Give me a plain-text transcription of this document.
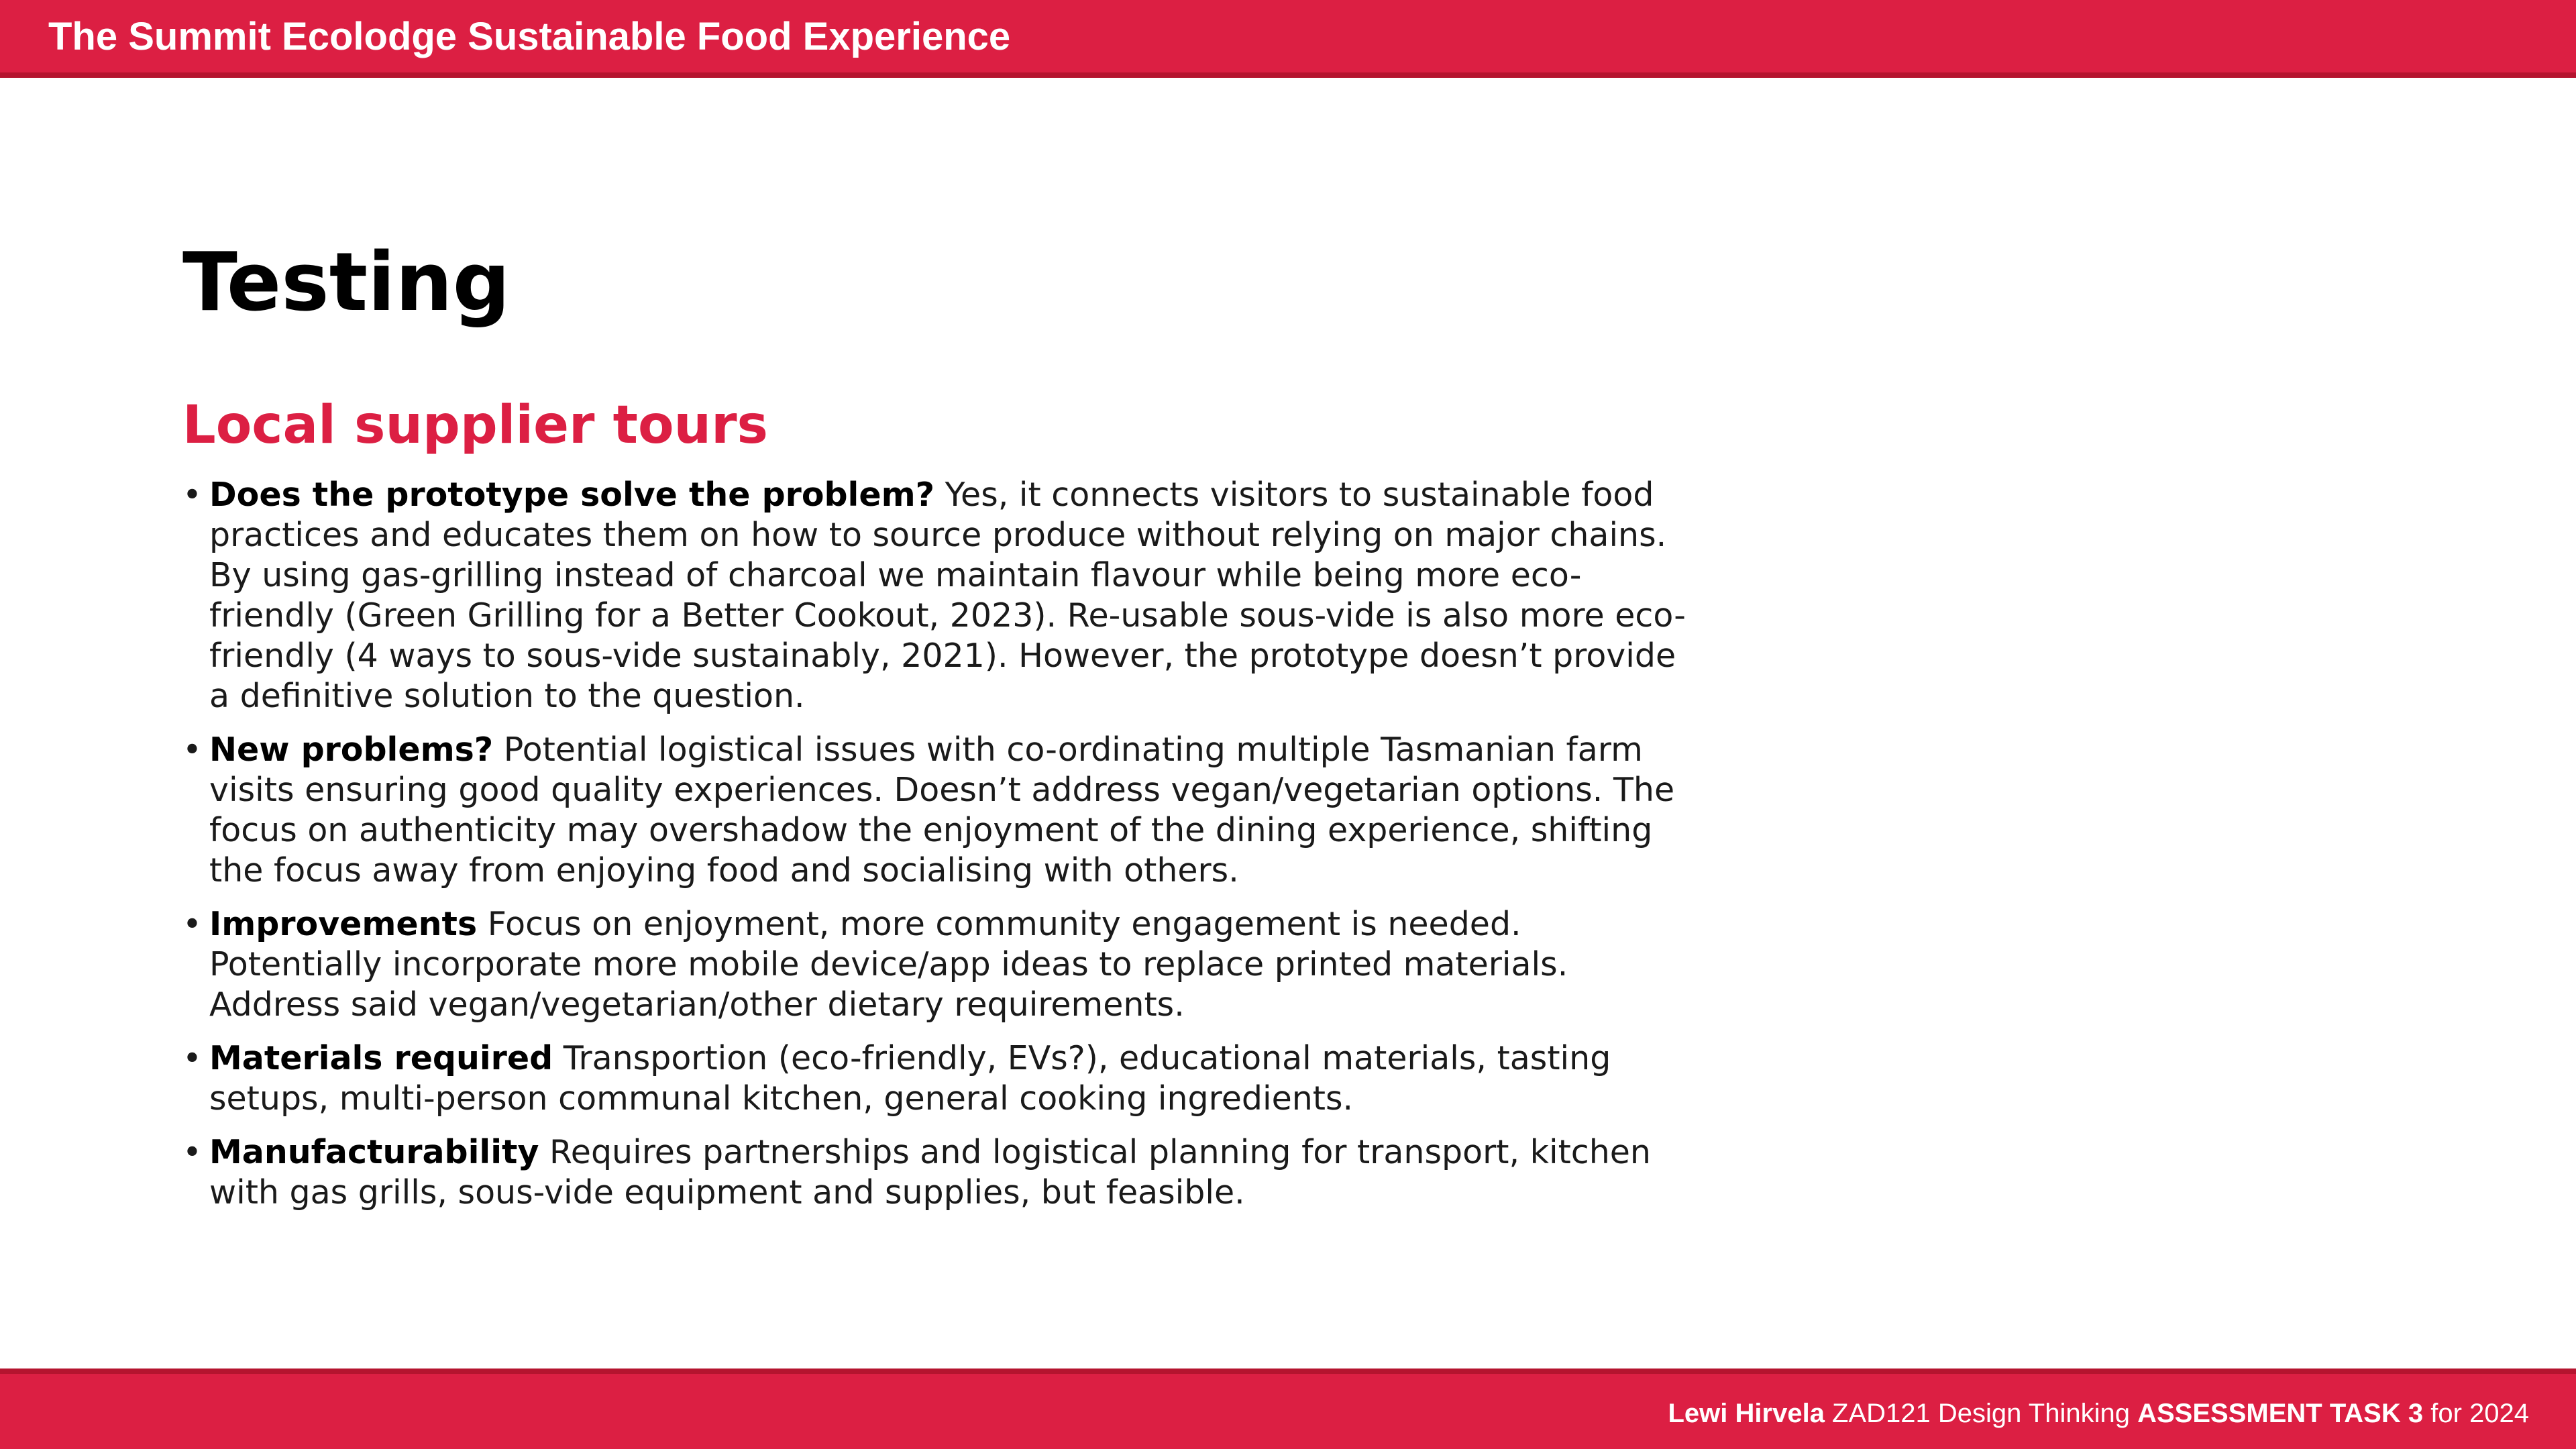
The Summit Ecolodge Sustainable Food Experience
Testing
Local supplier tours
• Does the prototype solve the problem? Yes, it connects visitors to sustainable food practices and educates them on how to source produce without relying on major chains. By using gas-grilling instead of charcoal we maintain flavour while being more eco-friendly (Green Grilling for a Better Cookout, 2023). Re-usable sous-vide is also more eco-friendly (4 ways to sous-vide sustainably, 2021). However, the prototype doesn’t provide a definitive solution to the question.
• New problems? Potential logistical issues with co-ordinating multiple Tasmanian farm visits ensuring good quality experiences. Doesn’t address vegan/vegetarian options. The focus on authenticity may overshadow the enjoyment of the dining experience, shifting the focus away from enjoying food and socialising with others.
• Improvements Focus on enjoyment, more community engagement is needed. Potentially incorporate more mobile device/app ideas to replace printed materials. Address said vegan/vegetarian/other dietary requirements.
• Materials required Transportion (eco-friendly, EVs?), educational materials, tasting setups, multi-person communal kitchen, general cooking ingredients.
• Manufacturability Requires partnerships and logistical planning for transport, kitchen with gas grills, sous-vide equipment and supplies, but feasible.
Lewi Hirvela ZAD121 Design Thinking ASSESSMENT TASK 3 for 2024
